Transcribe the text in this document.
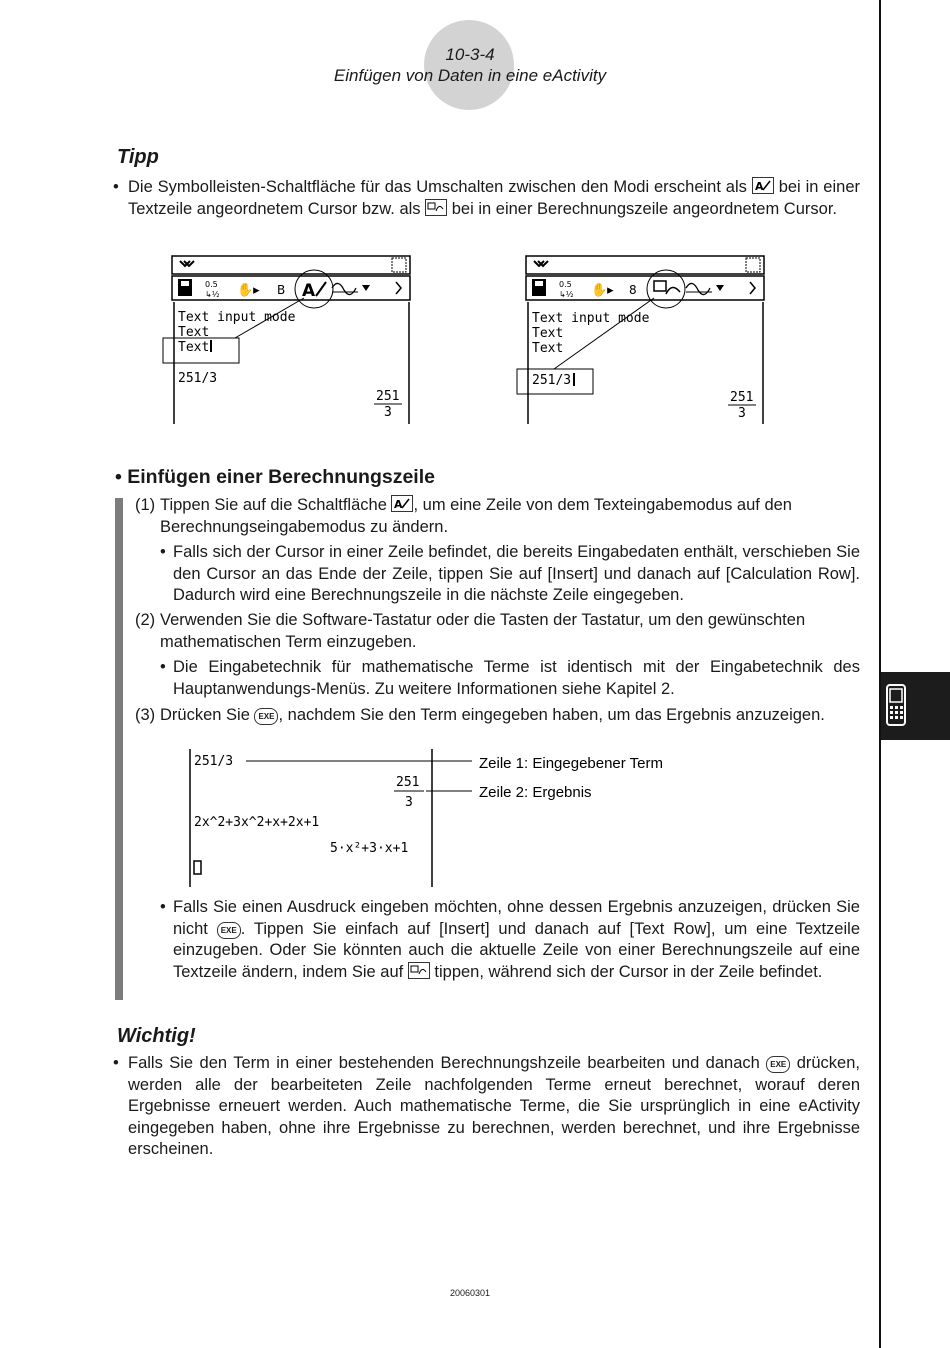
10-3-4
Einfügen von Daten in eine eActivity
Tipp
• Die Symbolleisten-Schaltfläche für das Umschalten zwischen den Modi erscheint als A bei in einer Textzeile angeordnetem Cursor bzw. als bei in einer Berechnungszeile angeordnetem Cursor.
0.5
↳½ ✋▸ B A
Text input mode
Text
Text
251/3
251
3
0.5
↳½ ✋▸ 8
Text input mode
Text
Text
251/3
251
3
• Einfügen einer Berechnungszeile
(1) Tippen Sie auf die Schaltfläche A , um eine Zeile von dem Texteingabemodus auf den
Berechnungseingabemodus zu ändern.
• Falls sich der Cursor in einer Zeile befindet, die bereits Eingabedaten enthält, verschieben Sie den Cursor an das Ende der Zeile, tippen Sie auf [Insert] und danach auf [Calculation Row]. Dadurch wird eine Berechnungszeile in die nächste Zeile eingegeben.
(2) Verwenden Sie die Software-Tastatur oder die Tasten der Tastatur, um den gewünschten
mathematischen Term einzugeben.
• Die Eingabetechnik für mathematische Terme ist identisch mit der Eingabetechnik des Hauptanwendungs-Menüs. Zu weitere Informationen siehe Kapitel 2.
(3) Drücken Sie EXE , nachdem Sie den Term eingegeben haben, um das Ergebnis anzuzeigen.
251/3	Zeile 1: Eingegebener Term
251
Zeile 2: Ergebnis
3
2x^2+3x^2+x+2x+1
5·x²+3·x+1
• Falls Sie einen Ausdruck eingeben möchten, ohne dessen Ergebnis anzuzeigen, drücken Sie nicht EXE . Tippen Sie einfach auf [Insert] und danach auf [Text Row], um eine Textzeile einzugeben. Oder Sie könnten auch die aktuelle Zeile von einer Berechnungszeile auf eine Textzeile ändern, indem Sie auf tippen, während sich der Cursor in der Zeile befindet.
Wichtig!
• Falls Sie den Term in einer bestehenden Berechnungshzeile bearbeiten und danach EXE drücken, werden alle der bearbeiteten Zeile nachfolgenden Terme erneut berechnet, worauf deren Ergebnisse erneuert werden. Auch mathematische Terme, die Sie ursprünglich in eine eActivity eingegeben haben, ohne ihre Ergebnisse zu berechnen, werden berechnet, und ihre Ergebnisse erscheinen.
20060301
